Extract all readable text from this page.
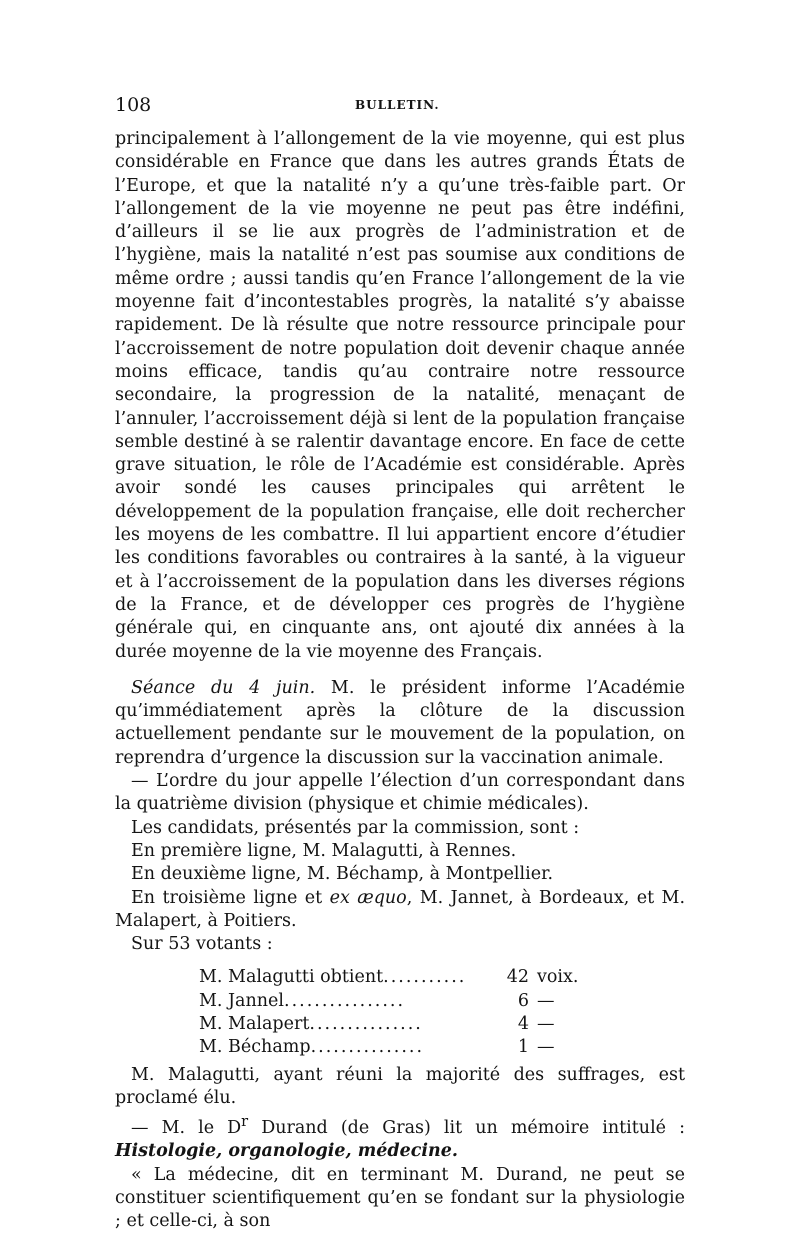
108	BULLETIN.

principalement à l’allongement de la vie moyenne, qui est plus considérable en France que dans les autres grands États de l’Europe, et que la natalité n’y a qu’une très-faible part. Or l’allongement de la vie moyenne ne peut pas être indéfini, d’ailleurs il se lie aux progrès de l’administration et de l’hygiène, mais la natalité n’est pas soumise aux conditions de même ordre ; aussi tandis qu’en France l’allongement de la vie moyenne fait d’incontestables progrès, la natalité s’y abaisse rapidement. De là résulte que notre ressource principale pour l’accroissement de notre population doit devenir chaque année moins efficace, tandis qu’au contraire notre ressource secondaire, la progression de la natalité, menaçant de l’annuler, l’accroissement déjà si lent de la population française semble destiné à se ralentir davantage encore. En face de cette grave situation, le rôle de l’Académie est considérable. Après avoir sondé les causes principales qui arrêtent le développement de la population française, elle doit rechercher les moyens de les combattre. Il lui appartient encore d’étudier les conditions favorables ou contraires à la santé, à la vigueur et à l’accroissement de la population dans les diverses régions de la France, et de développer ces progrès de l’hygiène générale qui, en cinquante ans, ont ajouté dix années à la durée moyenne de la vie moyenne des Français.

Séance du 4 juin. M. le président informe l’Académie qu’immédiatement après la clôture de la discussion actuellement pendante sur le mouvement de la population, on reprendra d’urgence la discussion sur la vaccination animale.

— L’ordre du jour appelle l’élection d’un correspondant dans la quatrième division (physique et chimie médicales).

Les candidats, présentés par la commission, sont :

En première ligne, M. Malagutti, à Rennes.

En deuxième ligne, M. Béchamp, à Montpellier.

En troisième ligne et ex æquo, M. Jannet, à Bordeaux, et M. Malapert, à Poitiers.

Sur 53 votants :

M. Malagutti obtient...........	42	voix.
M. Jannel................	6	—
M. Malapert...............	4	—
M. Béchamp...............	1	—

M. Malagutti, ayant réuni la majorité des suffrages, est proclamé élu.

— M. le $D^r$ Durand (de Gras) lit un mémoire intitulé : Histologie, organologie, médecine.

« La médecine, dit en terminant M. Durand, ne peut se constituer scientifiquement qu’en se fondant sur la physiologie ; et celle-ci, à son
